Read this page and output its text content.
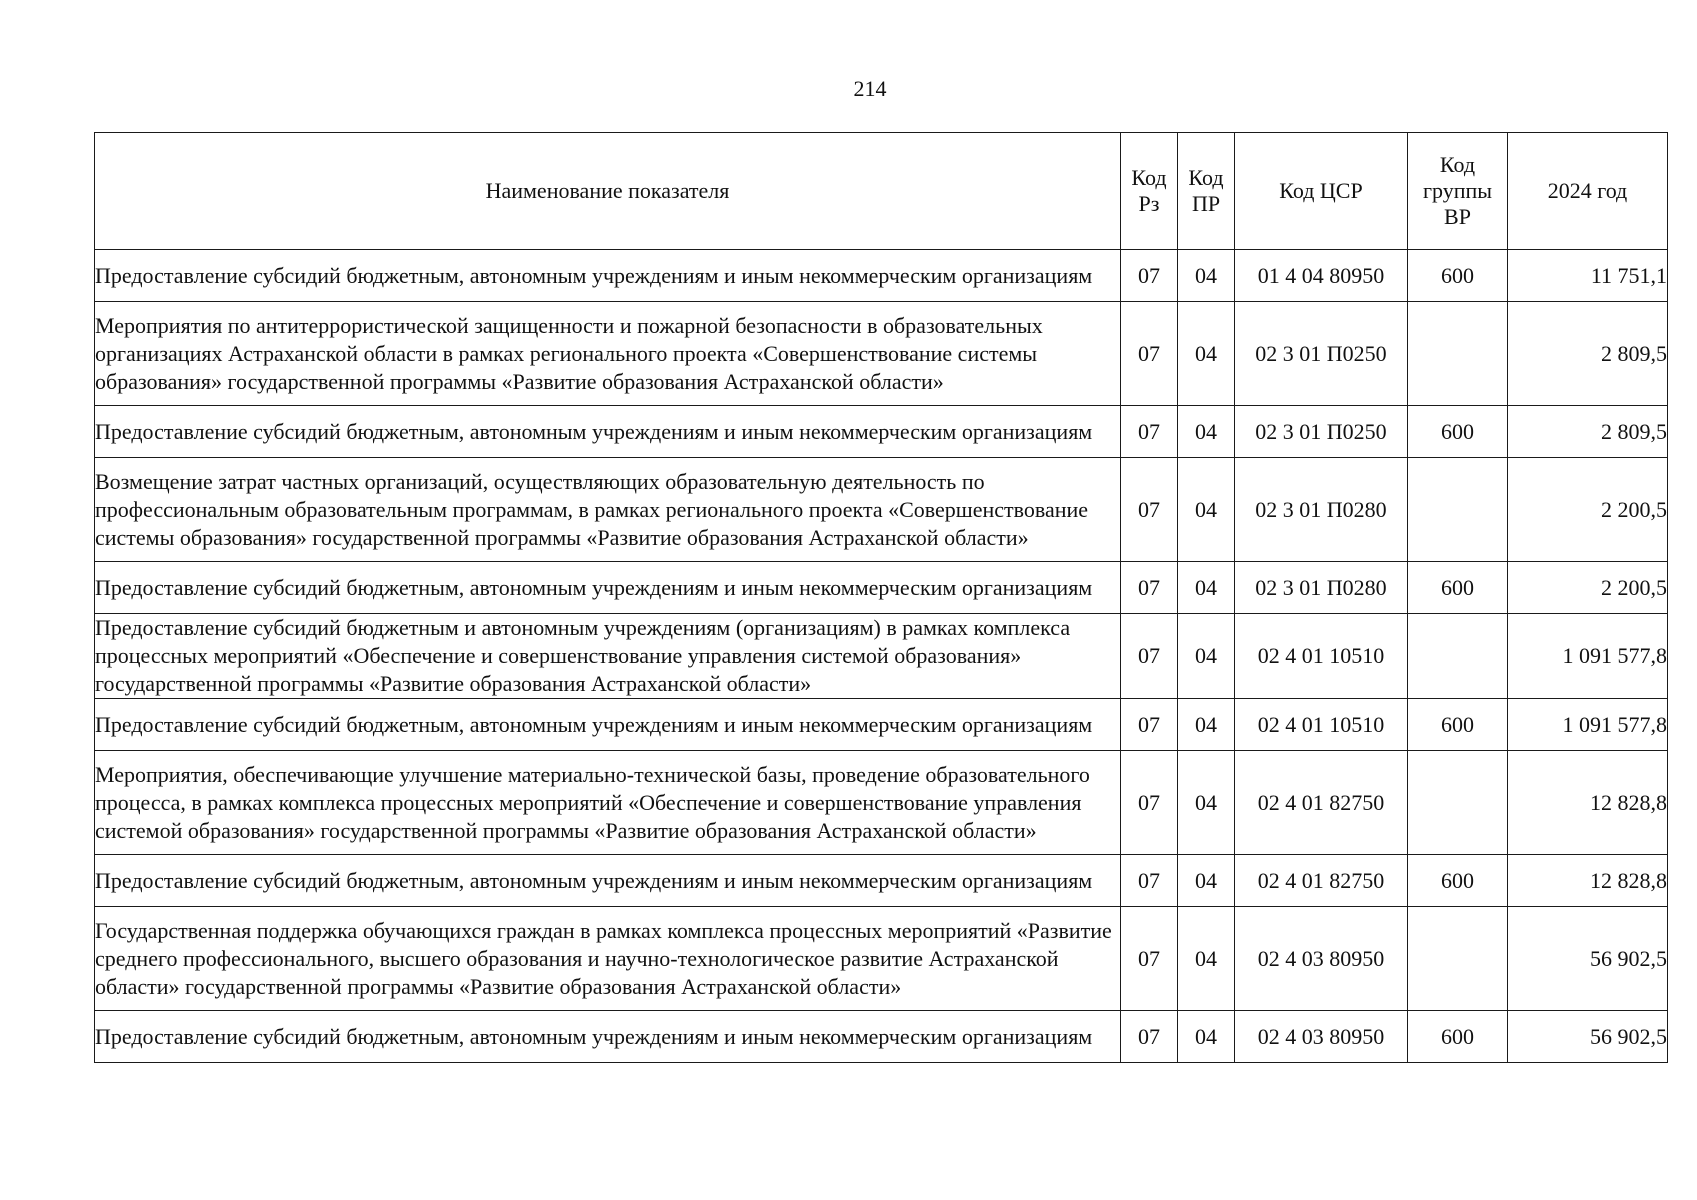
214
Наименование показателя	Код Рз	Код ПР	Код ЦСР	Код группы ВР	2024 год
Предоставление субсидий бюджетным, автономным учреждениям и иным некоммерческим организациям	07	04	01 4 04 80950	600	11 751,1
Мероприятия по антитеррористической защищенности и пожарной безопасности в образовательных организациях Астраханской области в рамках регионального проекта «Совершенствование системы образования» государственной программы «Развитие образования Астраханской области»	07	04	02 3 01 П0250		2 809,5
Предоставление субсидий бюджетным, автономным учреждениям и иным некоммерческим организациям	07	04	02 3 01 П0250	600	2 809,5
Возмещение затрат частных организаций, осуществляющих образовательную деятельность по профессиональным образовательным программам, в рамках регионального проекта «Совершенствование системы образования» государственной программы «Развитие образования Астраханской области»	07	04	02 3 01 П0280		2 200,5
Предоставление субсидий бюджетным, автономным учреждениям и иным некоммерческим организациям	07	04	02 3 01 П0280	600	2 200,5
Предоставление субсидий бюджетным и автономным учреждениям (организациям) в рамках комплекса процессных мероприятий «Обеспечение и совершенствование управления системой образования» государственной программы «Развитие образования Астраханской области»	07	04	02 4 01 10510		1 091 577,8
Предоставление субсидий бюджетным, автономным учреждениям и иным некоммерческим организациям	07	04	02 4 01 10510	600	1 091 577,8
Мероприятия, обеспечивающие улучшение материально-технической базы, проведение образовательного процесса, в рамках комплекса процессных мероприятий «Обеспечение и совершенствование управления системой образования» государственной программы «Развитие образования Астраханской области»	07	04	02 4 01 82750		12 828,8
Предоставление субсидий бюджетным, автономным учреждениям и иным некоммерческим организациям	07	04	02 4 01 82750	600	12 828,8
Государственная поддержка обучающихся граждан в рамках комплекса процессных мероприятий «Развитие среднего профессионального, высшего образования и научно-технологическое развитие Астраханской области» государственной программы «Развитие образования Астраханской области»	07	04	02 4 03 80950		56 902,5
Предоставление субсидий бюджетным, автономным учреждениям и иным некоммерческим организациям	07	04	02 4 03 80950	600	56 902,5
